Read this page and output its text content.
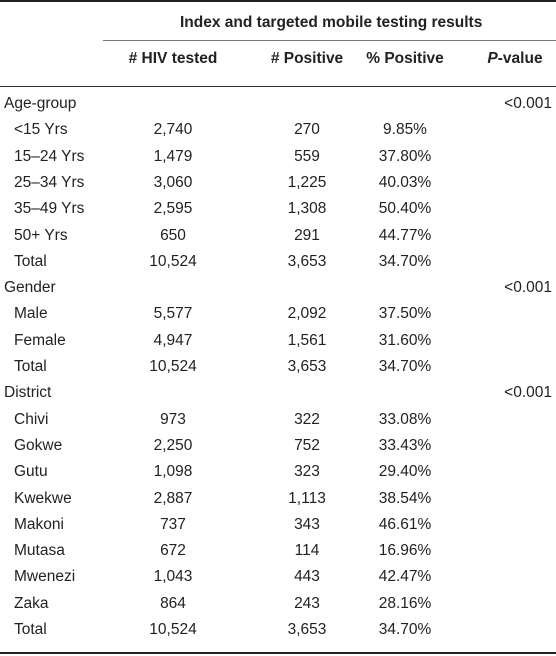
Index and targeted mobile testing results
# HIV tested	# Positive	% Positive	P-value
Age-group	<0.001
<15 Yrs	2,740	270	9.85%
15–24 Yrs	1,479	559	37.80%
25–34 Yrs	3,060	1,225	40.03%
35–49 Yrs	2,595	1,308	50.40%
50+ Yrs	650	291	44.77%
Total	10,524	3,653	34.70%
Gender	<0.001
Male	5,577	2,092	37.50%
Female	4,947	1,561	31.60%
Total	10,524	3,653	34.70%
District	<0.001
Chivi	973	322	33.08%
Gokwe	2,250	752	33.43%
Gutu	1,098	323	29.40%
Kwekwe	2,887	1,113	38.54%
Makoni	737	343	46.61%
Mutasa	672	114	16.96%
Mwenezi	1,043	443	42.47%
Zaka	864	243	28.16%
Total	10,524	3,653	34.70%
